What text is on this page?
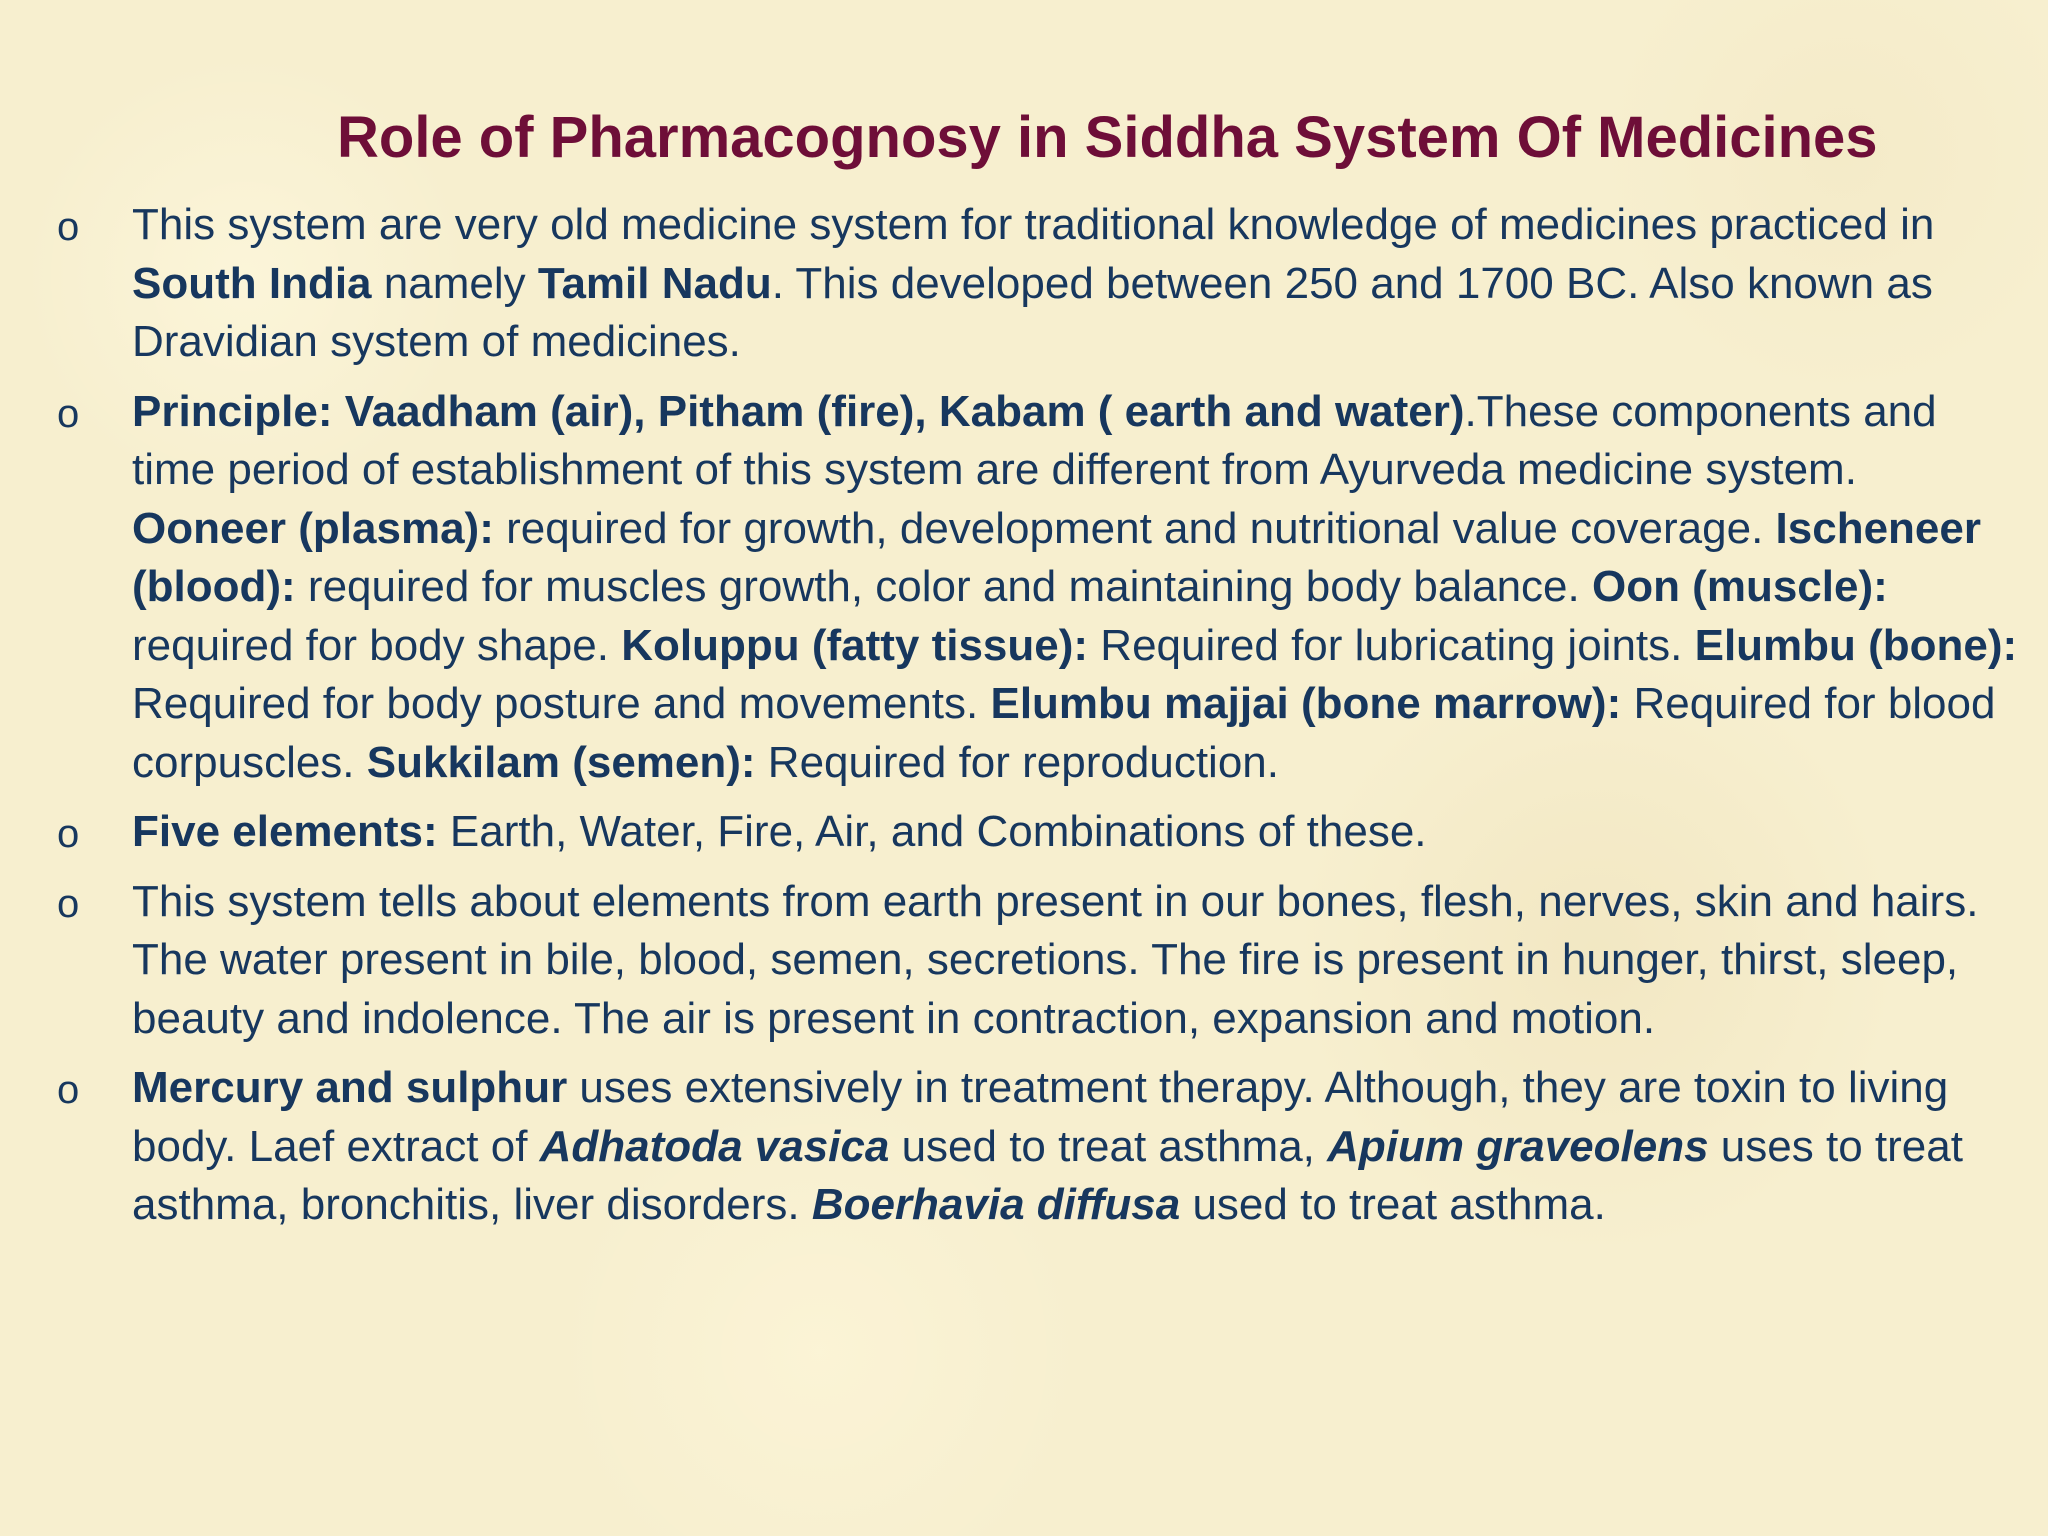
Role of Pharmacognosy in Siddha System Of Medicines
o This system are very old medicine system for traditional knowledge of medicines practiced in South India namely Tamil Nadu. This developed between 250 and 1700 BC. Also known as Dravidian system of medicines.
o Principle: Vaadham (air), Pitham (fire), Kabam ( earth and water).These components and time period of establishment of this system are different from Ayurveda medicine system. Ooneer (plasma): required for growth, development and nutritional value coverage. Ischeneer (blood): required for muscles growth, color and maintaining body balance. Oon (muscle): required for body shape. Koluppu (fatty tissue): Required for lubricating joints. Elumbu (bone): Required for body posture and movements. Elumbu majjai (bone marrow): Required for blood corpuscles. Sukkilam (semen): Required for reproduction.
o Five elements: Earth, Water, Fire, Air, and Combinations of these.
o This system tells about elements from earth present in our bones, flesh, nerves, skin and hairs. The water present in bile, blood, semen, secretions. The fire is present in hunger, thirst, sleep, beauty and indolence. The air is present in contraction, expansion and motion.
o Mercury and sulphur uses extensively in treatment therapy. Although, they are toxin to living body. Laef extract of Adhatoda vasica used to treat asthma, Apium graveolens uses to treat asthma, bronchitis, liver disorders. Boerhavia diffusa used to treat asthma.
